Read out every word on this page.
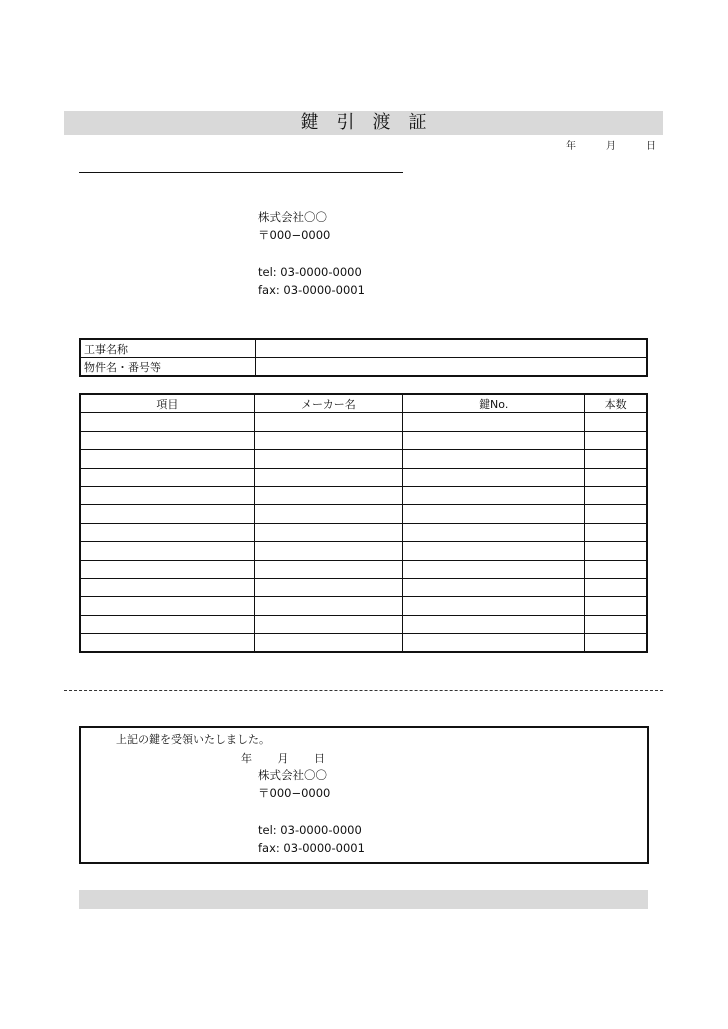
鍵引渡証
年	月	日
株式会社〇〇
〒000−0000
tel: 03-0000-0000
fax: 03-0000-0001
工事名称	
物件名・番号等	
項目	メーカー名	鍵No.	本数

上記の鍵を受領いたしました。
年 月 日
株式会社〇〇
〒000−0000
tel: 03-0000-0000
fax: 03-0000-0001
